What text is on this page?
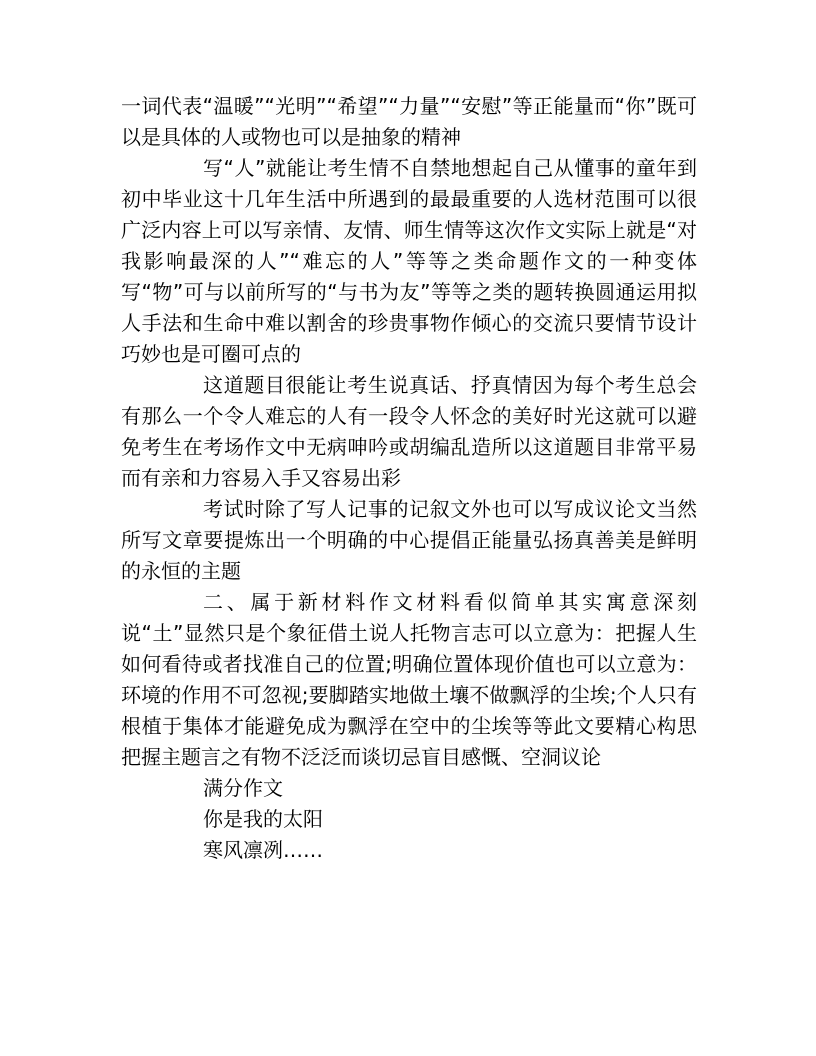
一词代表“温暖”“光明”“希望”“力量”“安慰”等正能量而“你”既可以是具体的人或物也可以是抽象的精神

写“人”就能让考生情不自禁地想起自己从懂事的童年到初中毕业这十几年生活中所遇到的最最重要的人选材范围可以很广泛内容上可以写亲情、友情、师生情等这次作文实际上就是“对我影响最深的人”“难忘的人”等等之类命题作文的一种变体写“物”可与以前所写的“与书为友”等等之类的题转换圆通运用拟人手法和生命中难以割舍的珍贵事物作倾心的交流只要情节设计巧妙也是可圈可点的

这道题目很能让考生说真话、抒真情因为每个考生总会有那么一个令人难忘的人有一段令人怀念的美好时光这就可以避免考生在考场作文中无病呻吟或胡编乱造所以这道题目非常平易而有亲和力容易入手又容易出彩

考试时除了写人记事的记叙文外也可以写成议论文当然所写文章要提炼出一个明确的中心提倡正能量弘扬真善美是鲜明的永恒的主题

二、属于新材料作文材料看似简单其实寓意深刻说“土”显然只是个象征借土说人托物言志可以立意为：把握人生如何看待或者找准自己的位置;明确位置体现价值也可以立意为：环境的作用不可忽视;要脚踏实地做土壤不做飘浮的尘埃;个人只有根植于集体才能避免成为飘浮在空中的尘埃等等此文要精心构思把握主题言之有物不泛泛而谈切忌盲目感慨、空洞议论

满分作文

你是我的太阳

寒风凛冽……
